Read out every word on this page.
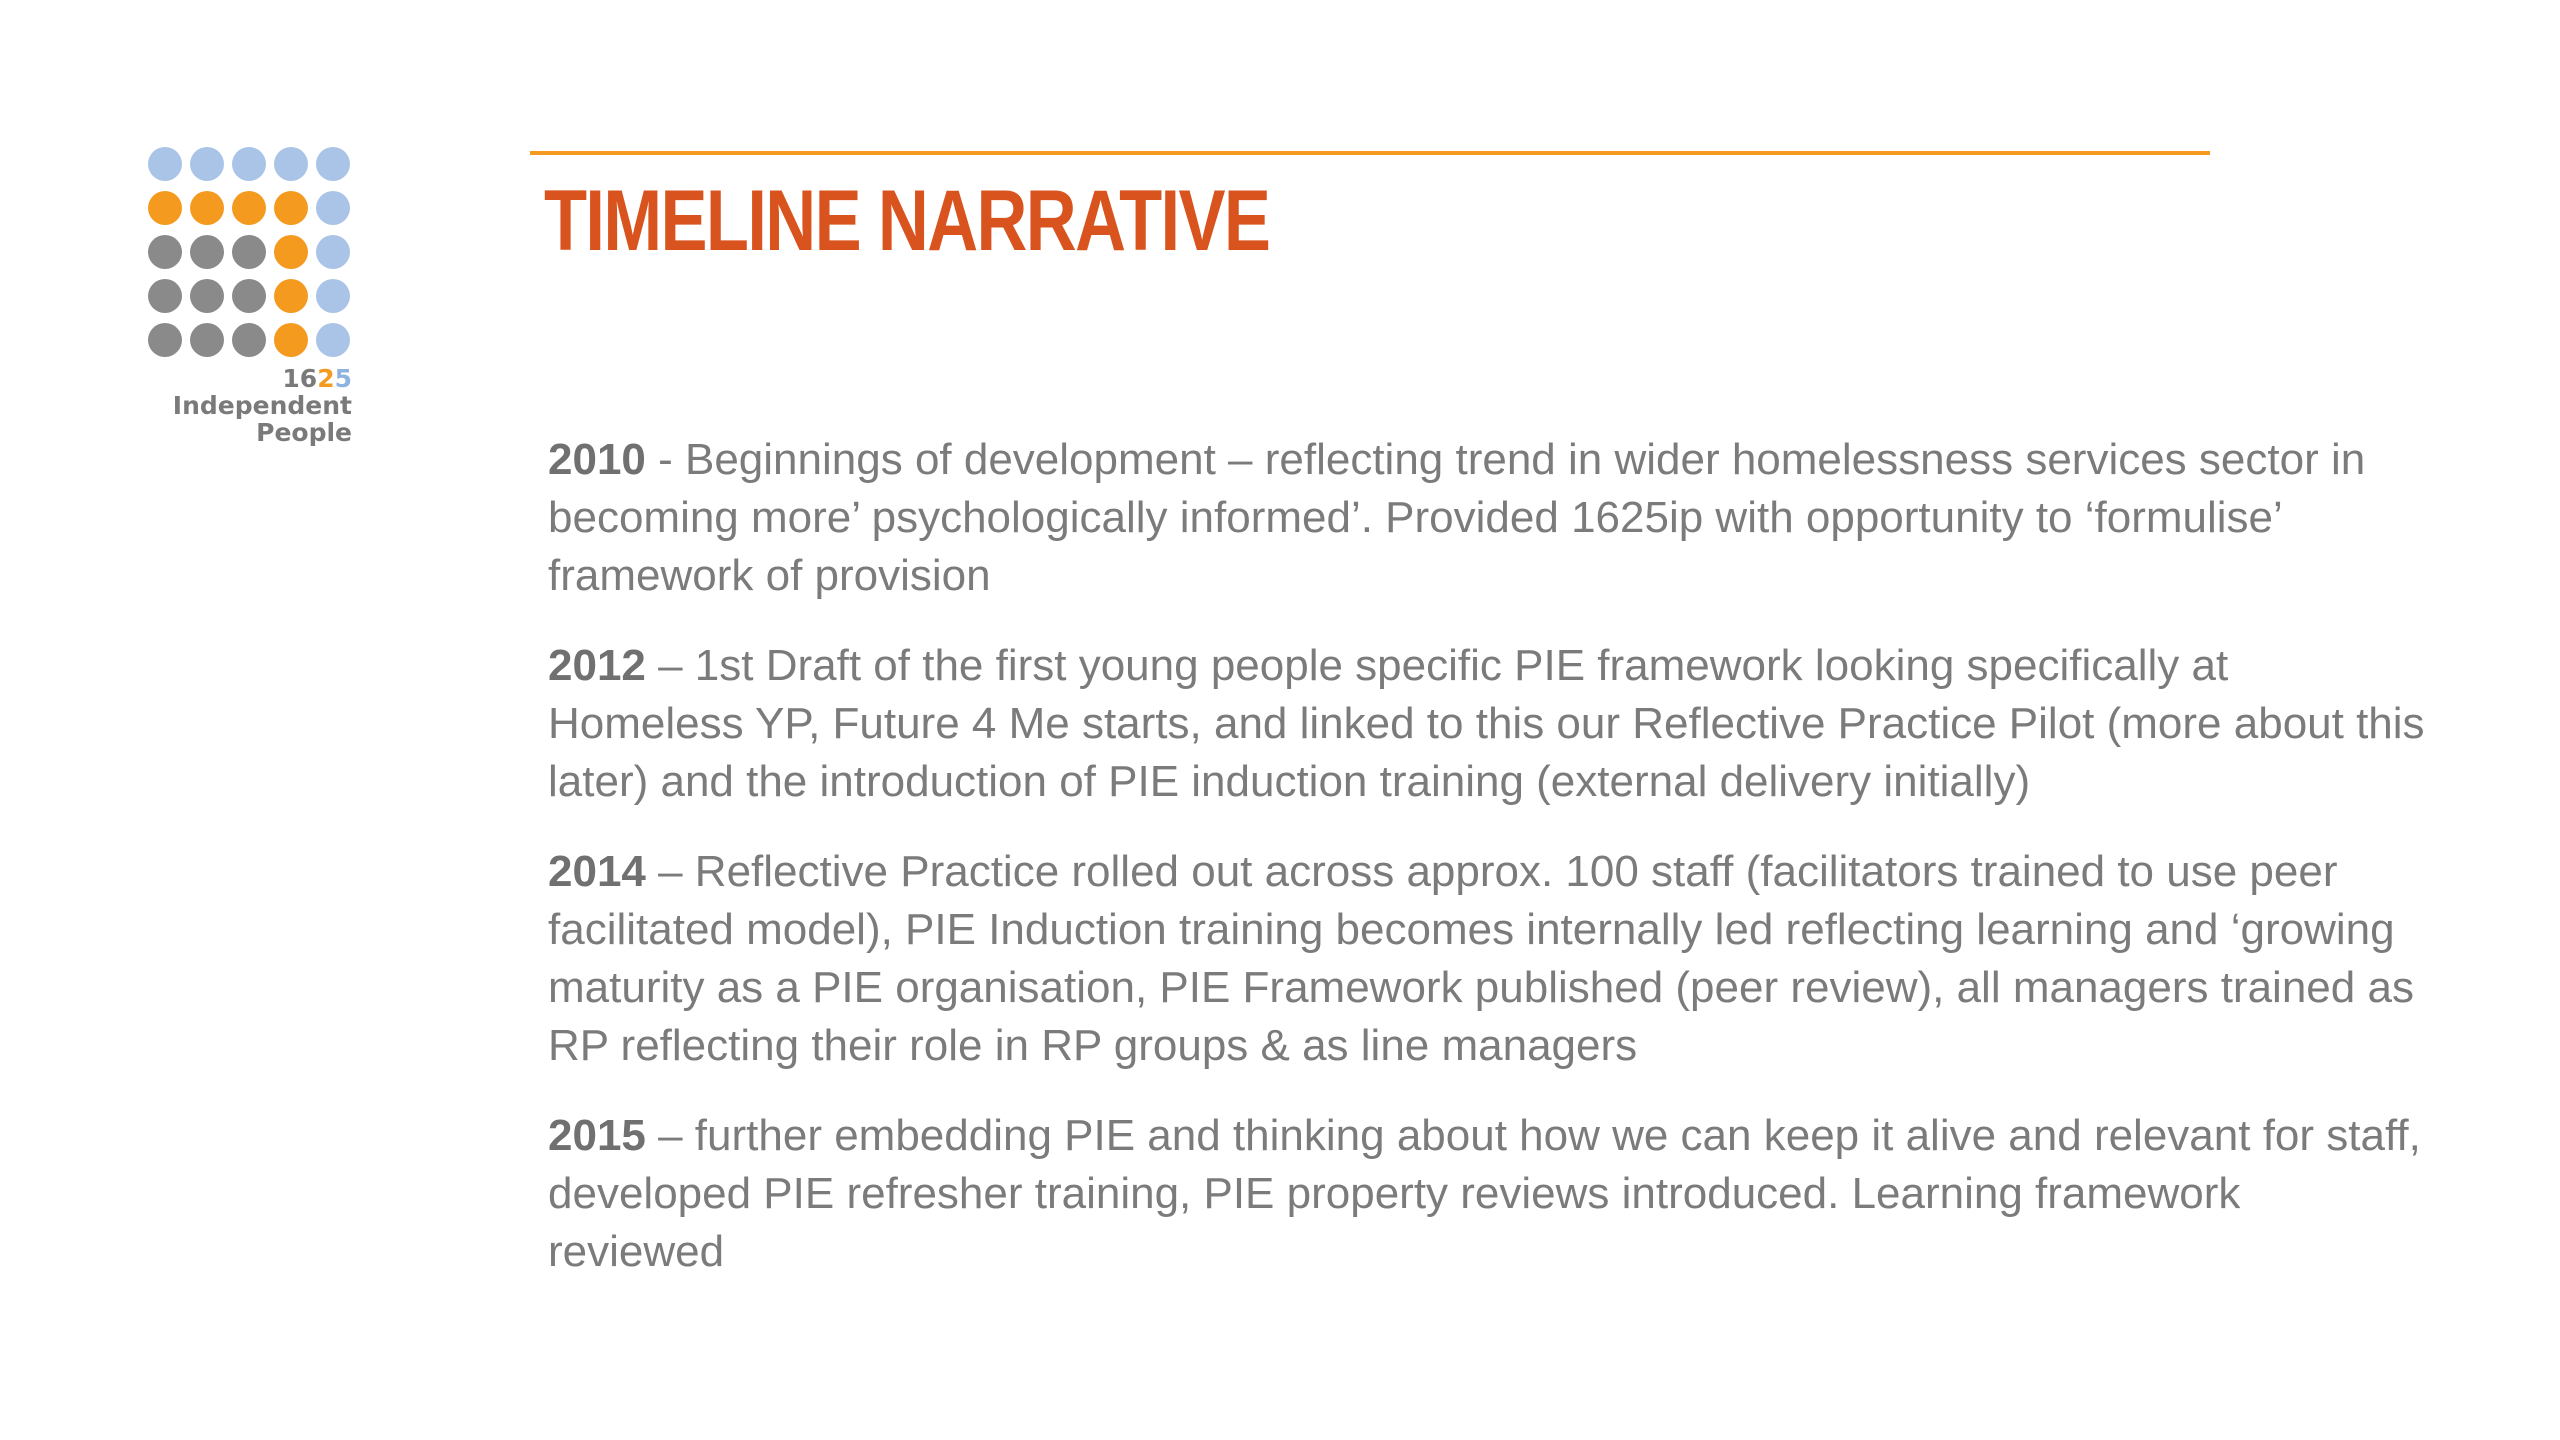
1625
Independent
People
TIMELINE NARRATIVE

2010 - Beginnings of development – reflecting trend in wider homelessness services sector in becoming more’ psychologically informed’. Provided 1625ip with opportunity to ‘formulise’ framework of provision

2012 – 1st Draft of the first young people specific PIE framework looking specifically at Homeless YP, Future 4 Me starts, and linked to this our Reflective Practice Pilot (more about this later) and the introduction of PIE induction training (external delivery initially)

2014 – Reflective Practice rolled out across approx. 100 staff (facilitators trained to use peer facilitated model), PIE Induction training becomes internally led reflecting learning and ‘growing maturity as a PIE organisation, PIE Framework published (peer review), all managers trained as RP reflecting their role in RP groups & as line managers

2015 – further embedding PIE and thinking about how we can keep it alive and relevant for staff, developed PIE refresher training, PIE property reviews introduced. Learning framework reviewed
